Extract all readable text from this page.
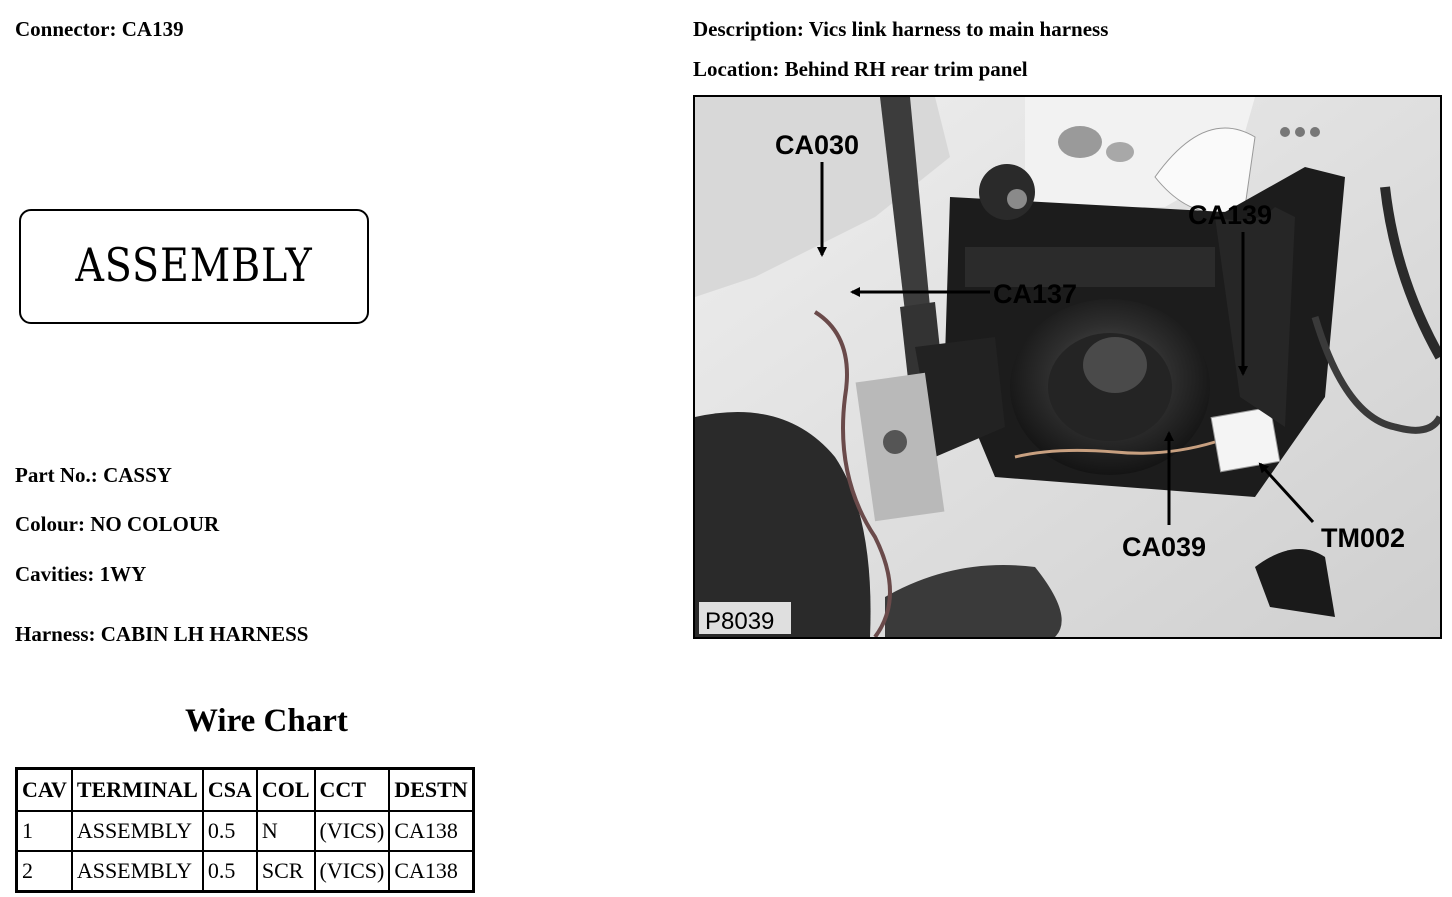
Connector: CA139	Description: Vics link harness to main harness
Location: Behind RH rear trim panel
ASSEMBLY
Part No.: CASSY
Colour: NO COLOUR
Cavities: 1WY
Harness: CABIN LH HARNESS
Wire Chart
CAV	TERMINAL	CSA	COL	CCT	DESTN
1	ASSEMBLY	0.5	N	(VICS)	CA138
2	ASSEMBLY	0.5	SCR	(VICS)	CA138
CA030
CA139
CA137
CA039	TM002
P8039
